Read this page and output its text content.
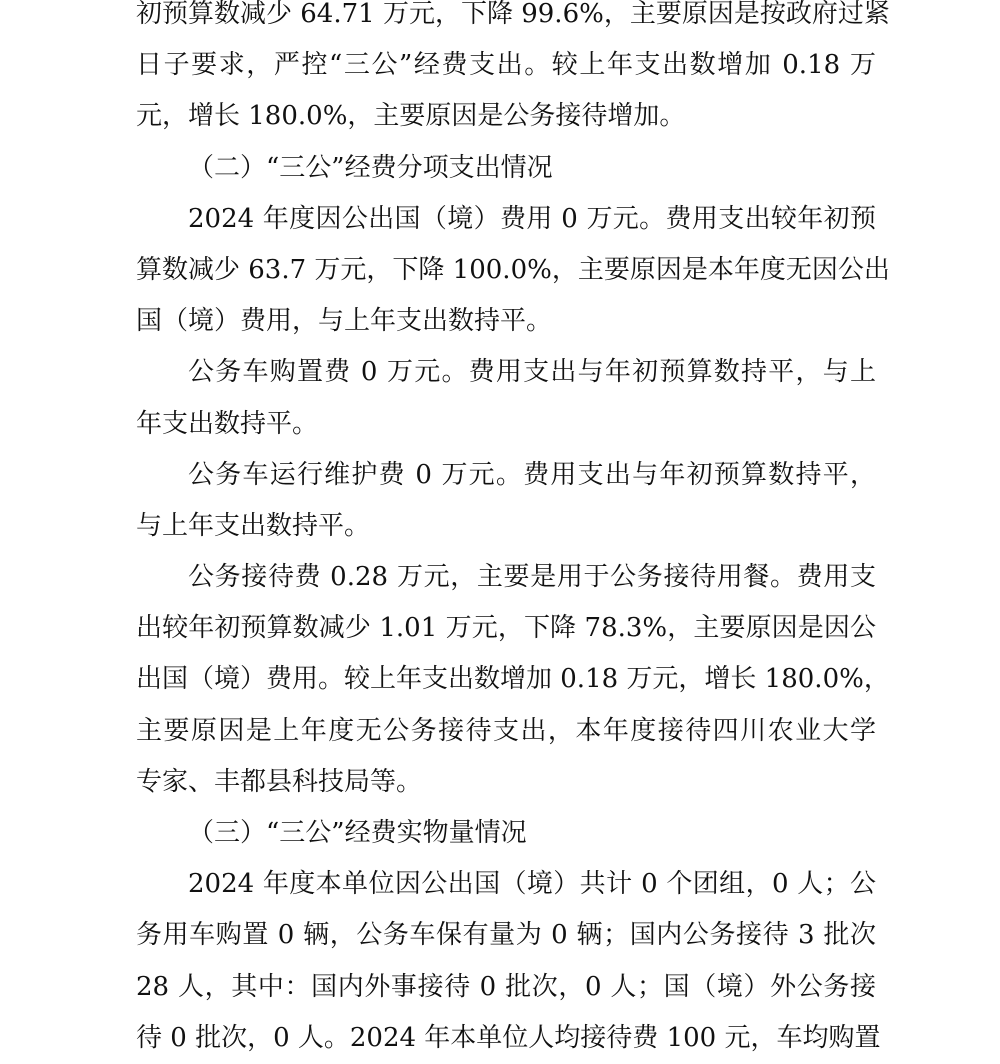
初预算数减少 64.71 万元，下降 99.6%，主要原因是按政府过紧
日子要求，严控“三公”经费支出。较上年支出数增加 0.18 万
元，增长 180.0%，主要原因是公务接待增加。
（二）“三公”经费分项支出情况
2024 年度因公出国（境）费用 0 万元。费用支出较年初预
算数减少 63.7 万元，下降 100.0%，主要原因是本年度无因公出
国（境）费用，与上年支出数持平。
公务车购置费 0 万元。费用支出与年初预算数持平，与上
年支出数持平。
公务车运行维护费 0 万元。费用支出与年初预算数持平，
与上年支出数持平。
公务接待费 0.28 万元，主要是用于公务接待用餐。费用支
出较年初预算数减少 1.01 万元，下降 78.3%，主要原因是因公
出国（境）费用。较上年支出数增加 0.18 万元，增长 180.0%，
主要原因是上年度无公务接待支出，本年度接待四川农业大学
专家、丰都县科技局等。
（三）“三公”经费实物量情况
2024 年度本单位因公出国（境）共计 0 个团组，0 人；公
务用车购置 0 辆，公务车保有量为 0 辆；国内公务接待 3 批次
28 人，其中：国内外事接待 0 批次，0 人；国（境）外公务接
待 0 批次，0 人。2024 年本单位人均接待费 100 元，车均购置
